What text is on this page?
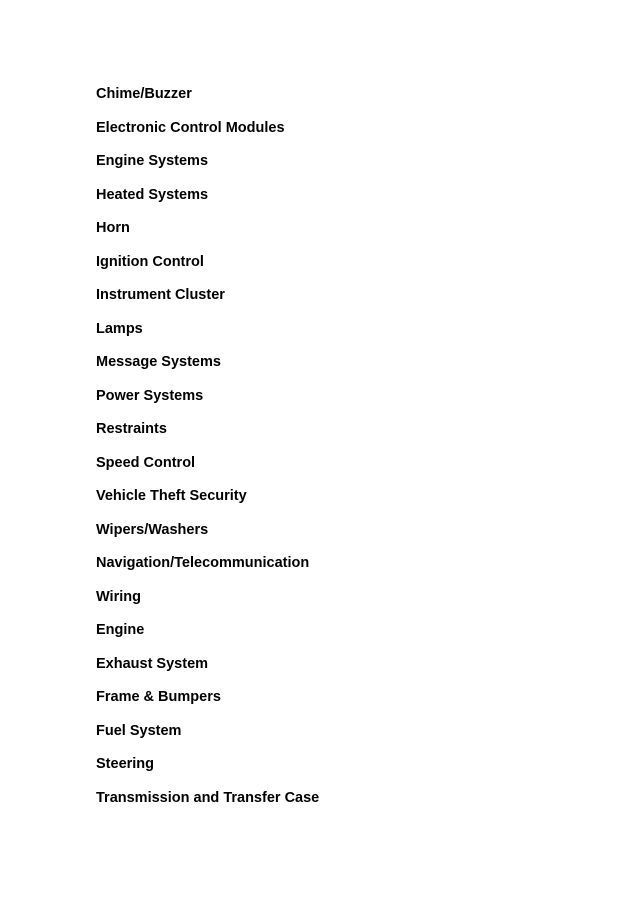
Chime/Buzzer
Electronic Control Modules
Engine Systems
Heated Systems
Horn
Ignition Control
Instrument Cluster
Lamps
Message Systems
Power Systems
Restraints
Speed Control
Vehicle Theft Security
Wipers/Washers
Navigation/Telecommunication
Wiring
Engine
Exhaust System
Frame & Bumpers
Fuel System
Steering
Transmission and Transfer Case
